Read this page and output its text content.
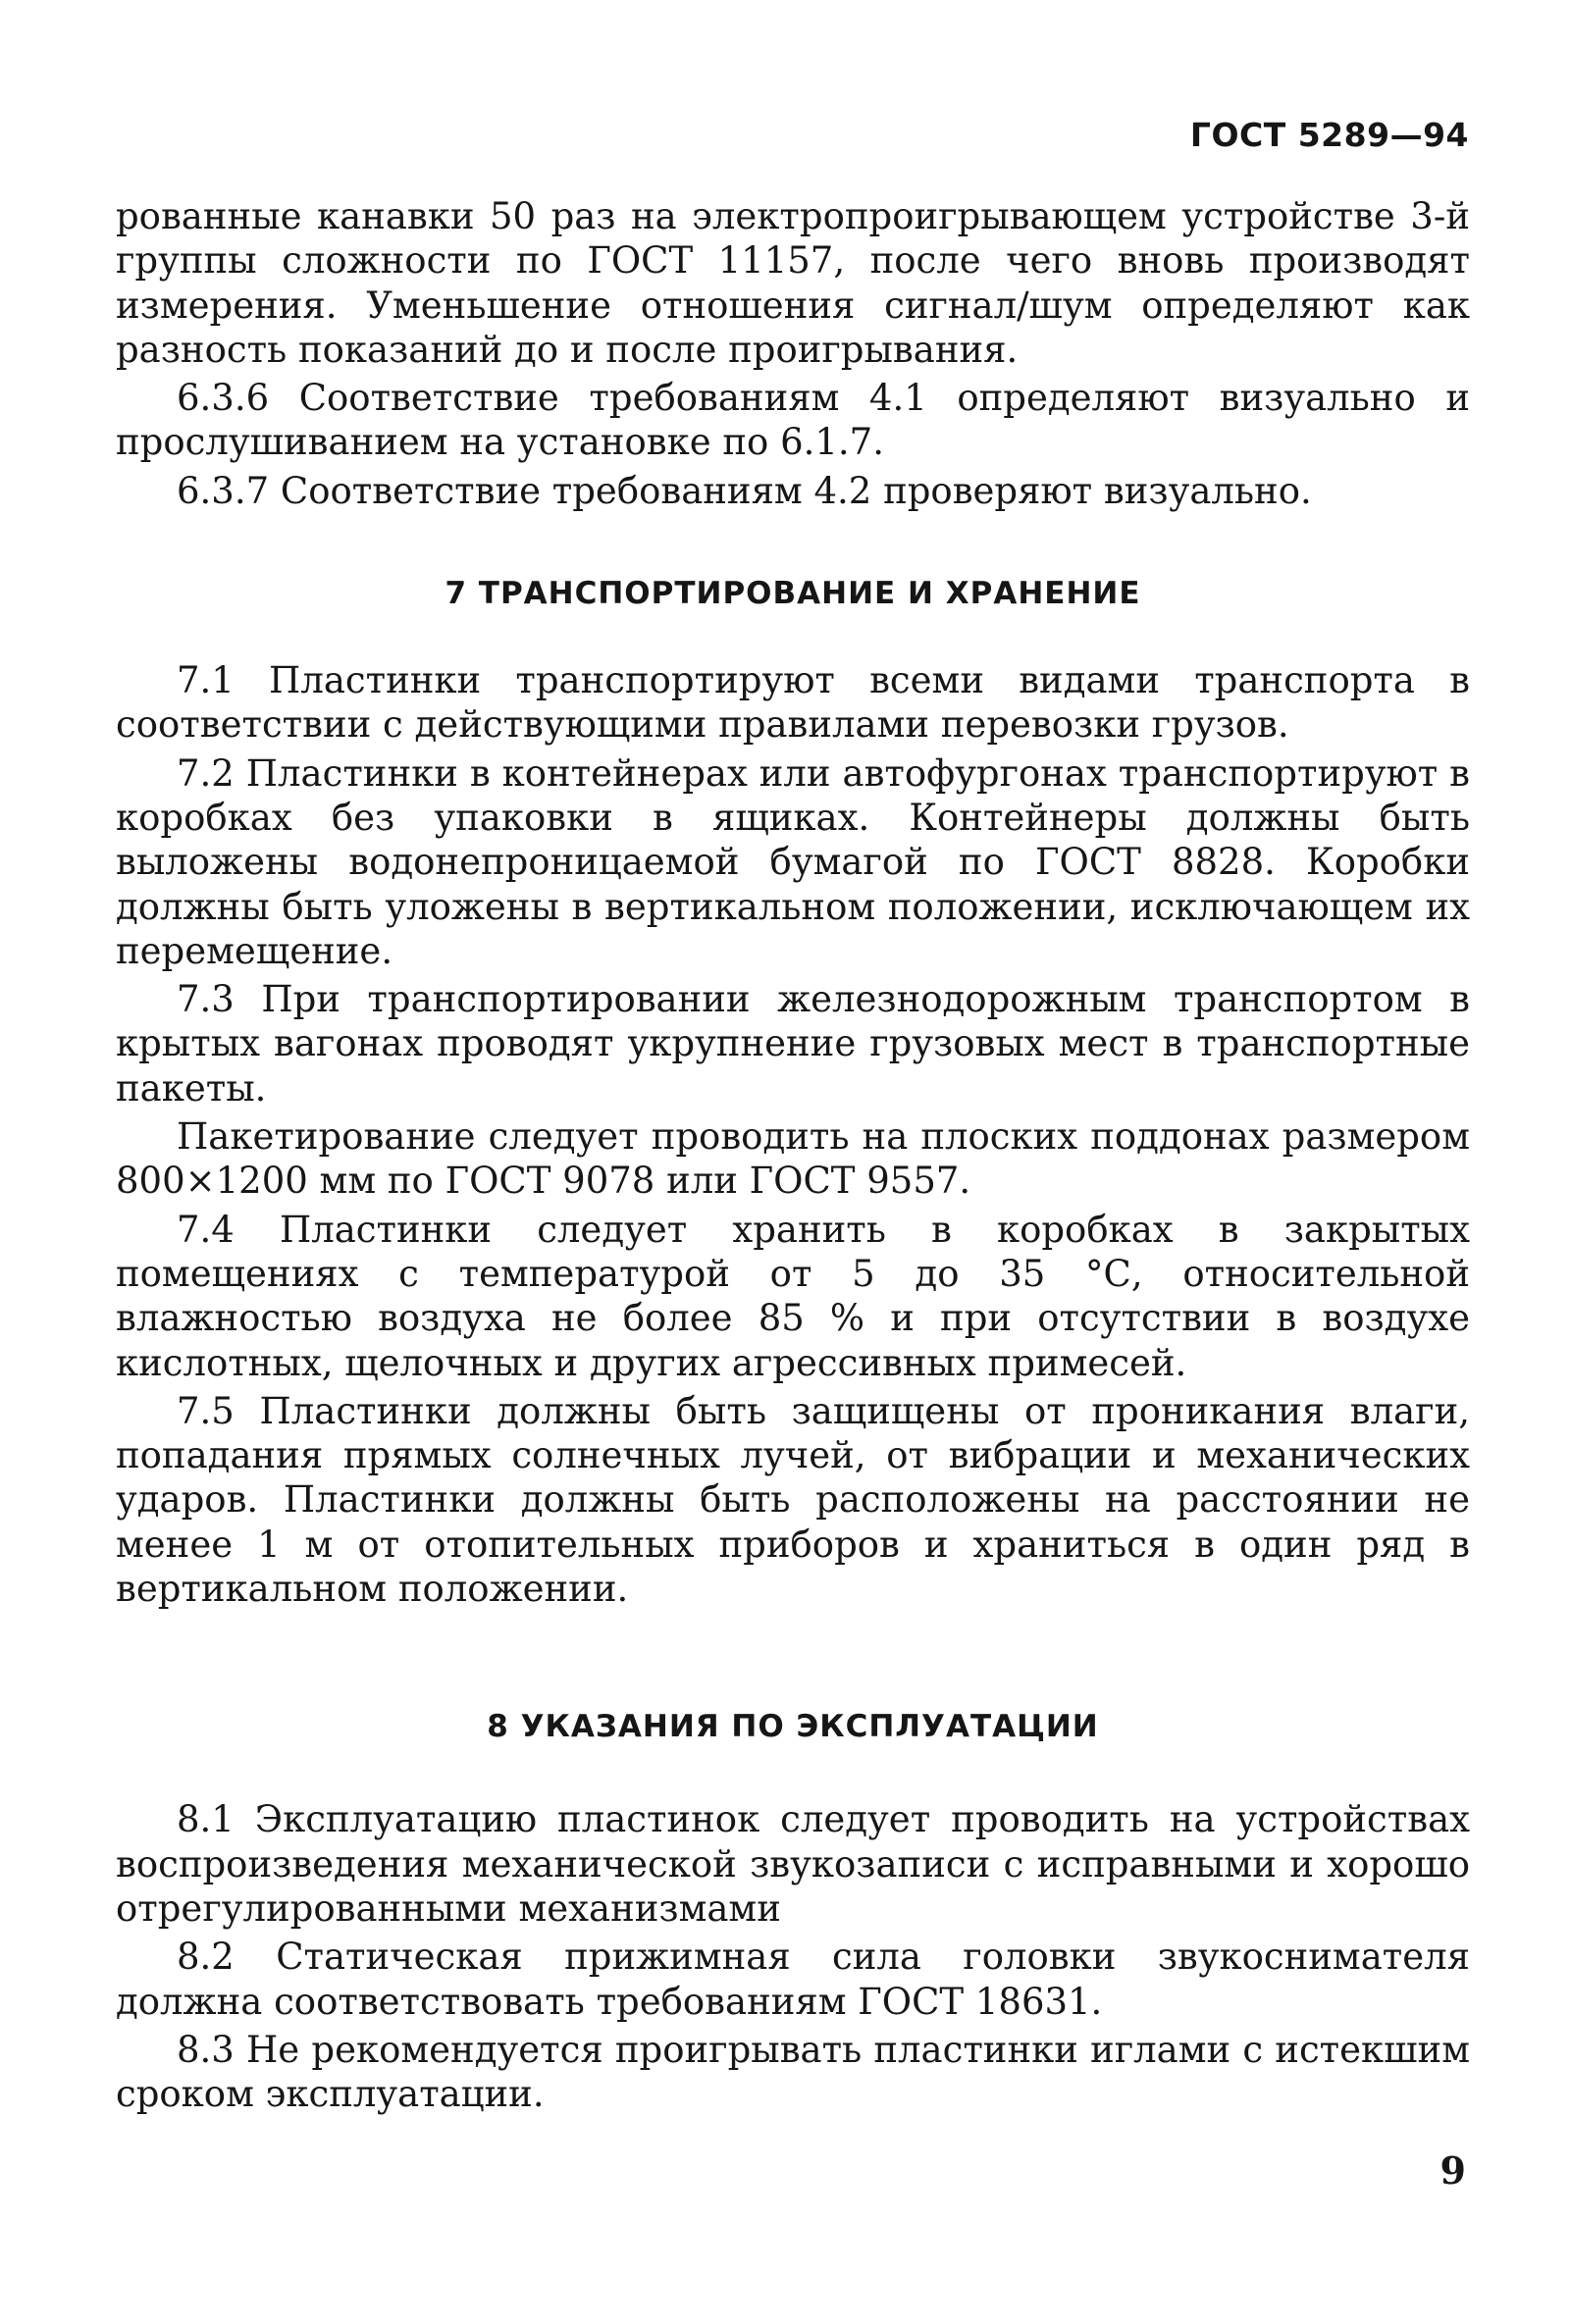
ГОСТ 5289—94

рованные канавки 50 раз на электропроигрывающем устройстве 3-й группы сложности по ГОСТ 11157, после чего вновь производят измерения. Уменьшение отношения сигнал/шум определяют как разность показаний до и после проигрывания.

6.3.6 Соответствие требованиям 4.1 определяют визуально и прослушиванием на установке по 6.1.7.

6.3.7 Соответствие требованиям 4.2 проверяют визуально.

7 ТРАНСПОРТИРОВАНИЕ И ХРАНЕНИЕ

7.1 Пластинки транспортируют всеми видами транспорта в соответствии с действующими правилами перевозки грузов.

7.2 Пластинки в контейнерах или автофургонах транспортируют в коробках без упаковки в ящиках. Контейнеры должны быть выложены водонепроницаемой бумагой по ГОСТ 8828. Коробки должны быть уложены в вертикальном положении, исключающем их перемещение.

7.3 При транспортировании железнодорожным транспортом в крытых вагонах проводят укрупнение грузовых мест в транспортные пакеты.

Пакетирование следует проводить на плоских поддонах размером 800×1200 мм по ГОСТ 9078 или ГОСТ 9557.

7.4 Пластинки следует хранить в коробках в закрытых помещениях с температурой от 5 до 35 °С, относительной влажностью воздуха не более 85 % и при отсутствии в воздухе кислотных, щелочных и других агрессивных примесей.

7.5 Пластинки должны быть защищены от проникания влаги, попадания прямых солнечных лучей, от вибрации и механических ударов. Пластинки должны быть расположены на расстоянии не менее 1 м от отопительных приборов и храниться в один ряд в вертикальном положении.

8 УКАЗАНИЯ ПО ЭКСПЛУАТАЦИИ

8.1 Эксплуатацию пластинок следует проводить на устройствах воспроизведения механической звукозаписи с исправными и хорошо отрегулированными механизмами

8.2 Статическая прижимная сила головки звукоснимателя должна соответствовать требованиям ГОСТ 18631.

8.3 Не рекомендуется проигрывать пластинки иглами с истекшим сроком эксплуатации.

9
